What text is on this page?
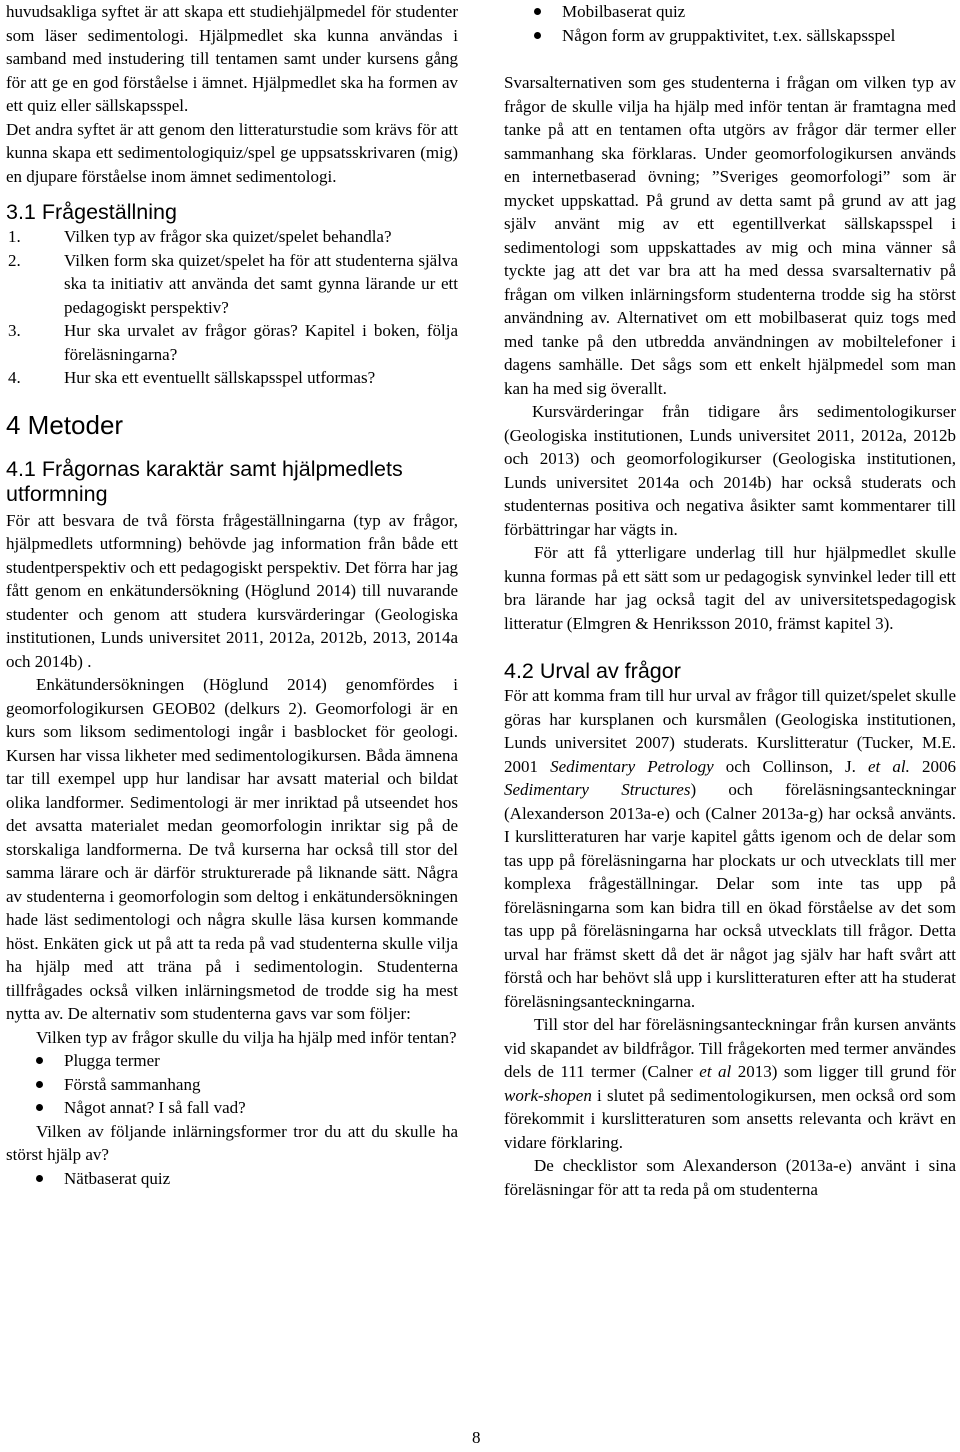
huvudsakliga syftet är att skapa ett studiehjälpmedel för studenter som läser sedimentologi. Hjälpmedlet ska kunna användas i samband med instudering till tentamen samt under kursens gång för att ge en god förståelse i ämnet. Hjälpmedlet ska ha formen av ett quiz eller sällskapsspel.

Det andra syftet är att genom den litteraturstudie som krävs för att kunna skapa ett sedimentologiquiz/spel ge uppsatsskrivaren (mig) en djupare förståelse inom ämnet sedimentologi.

3.1 Frågeställning
1.	Vilken typ av frågor ska quizet/spelet behandla?
2.	Vilken form ska quizet/spelet ha för att studenterna själva ska ta initiativ att använda det samt gynna lärande ur ett pedagogiskt perspektiv?
3.	Hur ska urvalet av frågor göras? Kapitel i boken, följa föreläsningarna?
4.	Hur ska ett eventuellt sällskapsspel utformas?
4 Metoder
4.1 Frågornas karaktär samt hjälpmedlets utformning

För att besvara de två första frågeställningarna (typ av frågor, hjälpmedlets utformning) behövde jag information från både ett studentperspektiv och ett pedagogiskt perspektiv. Det förra har jag fått genom en enkätundersökning (Höglund 2014) till nuvarande studenter och genom att studera kursvärderingar (Geologiska institutionen, Lunds universitet 2011, 2012a, 2012b, 2013, 2014a och 2014b) .

Enkätundersökningen (Höglund 2014) genomfördes i geomorfologikursen GEOB02 (delkurs 2). Geomorfologi är en kurs som liksom sedimentologi ingår i basblocket för geologi. Kursen har vissa likheter med sedimentologikursen. Båda ämnena tar till exempel upp hur landisar har avsatt material och bildat olika landformer. Sedimentologi är mer inriktad på utseendet hos det avsatta materialet medan geomorfologin inriktar sig på de storskaliga landformerna. De två kurserna har också till stor del samma lärare och är därför strukturerade på liknande sätt. Några av studenterna i geomorfologin som deltog i enkätundersökningen hade läst sedimentologi och några skulle läsa kursen kommande höst. Enkäten gick ut på att ta reda på vad studenterna skulle vilja ha hjälp med att träna på i sedimentologin. Studenterna tillfrågades också vilken inlärningsmetod de trodde sig ha mest nytta av. De alternativ som studenterna gavs var som följer:

Vilken typ av frågor skulle du vilja ha hjälp med inför tentan?

Plugga termer
Förstå sammanhang
Något annat? I så fall vad?

Vilken av följande inlärningsformer tror du att du skulle ha störst hjälp av?

Nätbaserat quiz
Mobilbaserat quiz
Någon form av gruppaktivitet, t.ex. sällskapsspel

Svarsalternativen som ges studenterna i frågan om vilken typ av frågor de skulle vilja ha hjälp med inför tentan är framtagna med tanke på att en tentamen ofta utgörs av frågor där termer eller sammanhang ska förklaras. Under geomorfologikursen används en internetbaserad övning; ”Sveriges geomorfologi” som är mycket uppskattad. På grund av detta samt på grund av att jag själv använt mig av ett egentillverkat sällskapsspel i sedimentologi som uppskattades av mig och mina vänner så tyckte jag att det var bra att ha med dessa svarsalternativ på frågan om vilken inlärningsform studenterna trodde sig ha störst användning av. Alternativet om ett mobilbaserat quiz togs med med tanke på den utbredda användningen av mobiltelefoner i dagens samhälle. Det sågs som ett enkelt hjälpmedel som man kan ha med sig överallt.

Kursvärderingar från tidigare års sedimentologikurser (Geologiska institutionen, Lunds universitet 2011, 2012a, 2012b och 2013) och geomorfologikurser (Geologiska institutionen, Lunds universitet 2014a och 2014b) har också studerats och studenternas positiva och negativa åsikter samt kommentarer till förbättringar har vägts in.

För att få ytterligare underlag till hur hjälpmedlet skulle kunna formas på ett sätt som ur pedagogisk synvinkel leder till ett bra lärande har jag också tagit del av universitetspedagogisk litteratur (Elmgren & Henriksson 2010, främst kapitel 3).

4.2 Urval av frågor

För att komma fram till hur urval av frågor till quizet/spelet skulle göras har kursplanen och kursmålen (Geologiska institutionen, Lunds universitet 2007) studerats. Kurslitteratur (Tucker, M.E. 2001 Sedimentary Petrology och Collinson, J. et al. 2006 Sedimentary Structures) och föreläsningsanteckningar (Alexanderson 2013a-e) och (Calner 2013a-g) har också använts. I kurslitteraturen har varje kapitel gåtts igenom och de delar som tas upp på föreläsningarna har plockats ur och utvecklats till mer komplexa frågeställningar. Delar som inte tas upp på föreläsningarna som kan bidra till en ökad förståelse av det som tas upp på föreläsningarna har också utvecklats till frågor. Detta urval har främst skett då det är något jag själv har haft svårt att förstå och har behövt slå upp i kurslitteraturen efter att ha studerat föreläsningsanteckningarna.

Till stor del har föreläsningsanteckningar från kursen använts vid skapandet av bildfrågor. Till frågekorten med termer användes dels de 111 termer (Calner et al 2013) som ligger till grund för work-shopen i slutet på sedimentologikursen, men också ord som förekommit i kurslitteraturen som ansetts relevanta och krävt en vidare förklaring.

De checklistor som Alexanderson (2013a-e) använt i sina föreläsningar för att ta reda på om studenterna

8
